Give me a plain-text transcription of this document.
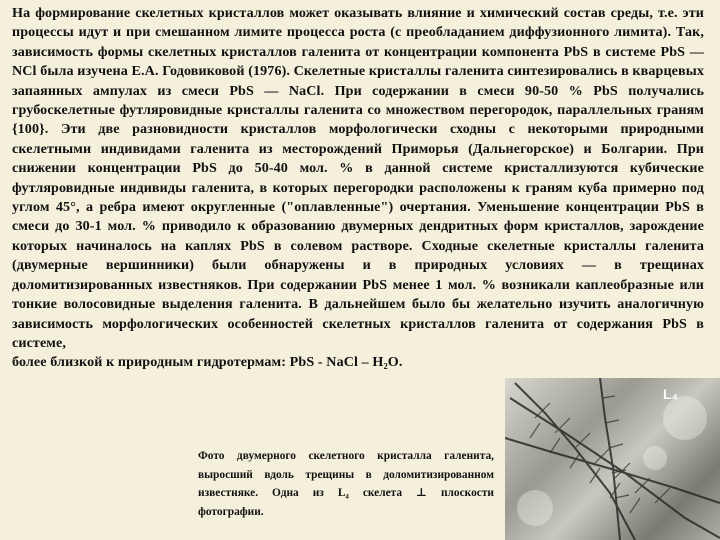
На формирование скелетных кристаллов может оказывать влияние и химический состав среды, т.е. эти процессы идут и при смешанном лимите процесса роста (с преобладанием диффузионного лимита). Так, зависимость формы скелетных кристаллов галенита от концентрации компонента PbS в системе PbS — NCl была изучена Е.А. Годовиковой (1976). Скелетные кристаллы галенита синтезировались в кварцевых запаянных ампулах из смеси PbS — NaCl. При содержании в смеси 90-50 % PbS получались грубоскелетные футляровидные кристаллы галенита со множеством перегородок, параллельных граням {100}. Эти две разновидности кристаллов морфологически сходны с некоторыми природными скелетными индивидами галенита из месторождений Приморья (Дальнегорское) и Болгарии. При снижении концентрации PbS до 50-40 мол. % в данной системе кристаллизуются кубические футляровидные индивиды галенита, в которых перегородки расположены к граням куба примерно под углом 45°, а ребра имеют округленные ("оплавленные") очертания. Уменьшение концентрации PbS в смеси до 30-1 мол. % приводило к образованию двумерных дендритных форм кристаллов, зарождение которых начиналось на каплях PbS в солевом растворе. Сходные скелетные кристаллы галенита (двумерные вершинники) были обнаружены и в природных условиях — в трещинах доломитизированных известняков. При содержании PbS менее 1 мол. % возникали каплеобразные или тонкие волосовидные выделения галенита. В дальнейшем было бы желательно изучить аналогичную зависимость морфологических особенностей скелетных кристаллов галенита от содержания PbS в системе,
более близкой к природным гидротермам: PbS - NaCl – H₂O.
L₄
Фото двумерного скелетного кристалла галенита, выросший вдоль трещины в доломитизированном известняке. Одна из L₄ скелета ⊥ плоскости фотографии.
